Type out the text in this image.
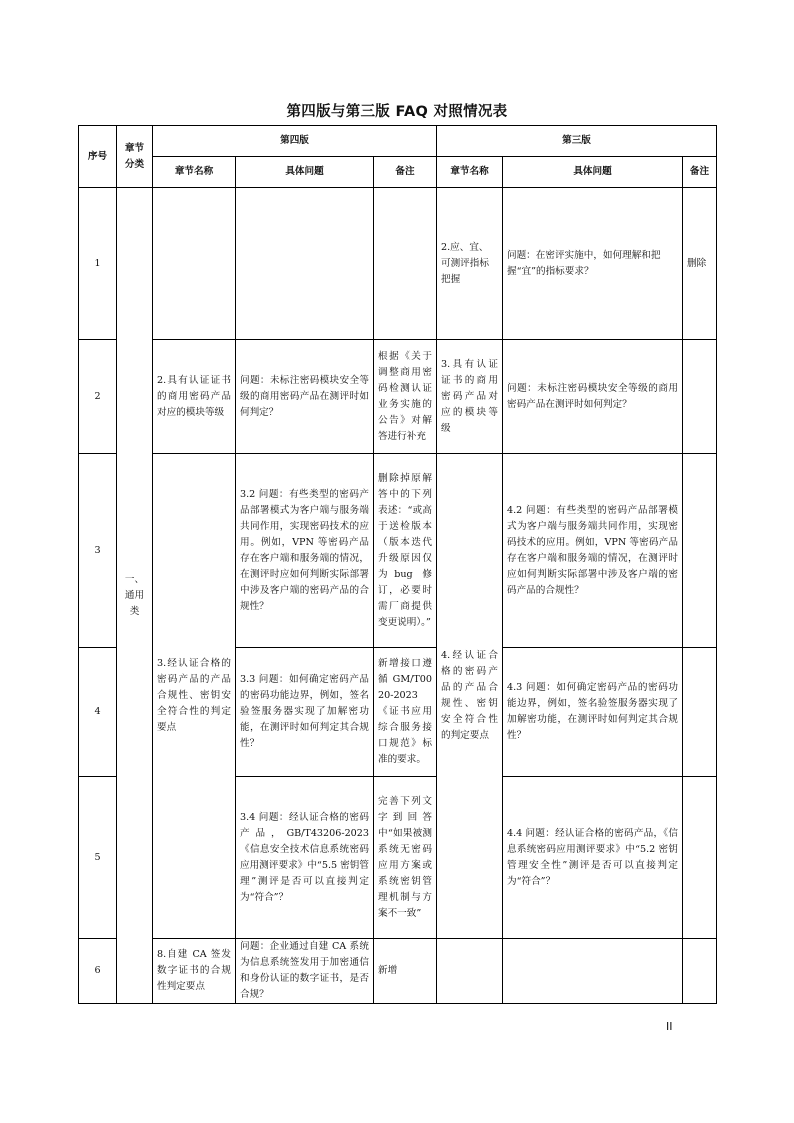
第四版与第三版 FAQ 对照情况表
序号	章节分类	第四版			第三版		
		章节名称	具体问题	备注	章节名称	具体问题	备注
1	一、通用类				2.应、宜、可测评指标把握	问题：在密评实施中，如何理解和把握“宜”的指标要求？	删除
2		2.具有认证证书的商用密码产品对应的模块等级	问题：未标注密码模块安全等级的商用密码产品在测评时如何判定？	根据《关于调整商用密码检测认证业务实施的公告》对解答进行补充	3.具有认证证书的商用密码产品对应的模块等级	问题：未标注密码模块安全等级的商用密码产品在测评时如何判定？	
3		3.经认证合格的密码产品的产品合规性、密钥安全符合性的判定要点	3.2 问题：有些类型的密码产品部署模式为客户端与服务端共同作用，实现密码技术的应用。例如，VPN 等密码产品存在客户端和服务端的情况，在测评时应如何判断实际部署中涉及客户端的密码产品的合规性？	删除掉原解答中的下列表述：“或高于送检版本（版本迭代升级原因仅为bug 修订，必要时需厂商提供变更说明）。”	4.经认证合格的密码产品的产品合规性、密钥安全符合性的判定要点	4.2 问题：有些类型的密码产品部署模式为客户端与服务端共同作用，实现密码技术的应用。例如，VPN 等密码产品存在客户端和服务端的情况，在测评时应如何判断实际部署中涉及客户端的密码产品的合规性？	
4			3.3 问题：如何确定密码产品的密码功能边界，例如，签名验签服务器实现了加解密功能，在测评时如何判定其合规性？	新增接口遵循GM/T0020-2023《证书应用综合服务接口规范》标准的要求。		4.3 问题：如何确定密码产品的密码功能边界，例如，签名验签服务器实现了加解密功能，在测评时如何判定其合规性？	
5			3.4 问题：经认证合格的密码产品，GB/T43206-2023《信息安全技术信息系统密码应用测评要求》中“5.5 密钥管理”测评是否可以直接判定为“符合”？	完善下列文字到回答中“如果被测系统无密码应用方案或系统密钥管理机制与方案不一致”		4.4 问题：经认证合格的密码产品，《信息系统密码应用测评要求》中“5.2 密钥管理安全性”测评是否可以直接判定为“符合”？	
6		8.自建 CA 签发数字证书的合规性判定要点	问题：企业通过自建 CA 系统为信息系统签发用于加密通信和身份认证的数字证书，是否合规？	新增			
II
